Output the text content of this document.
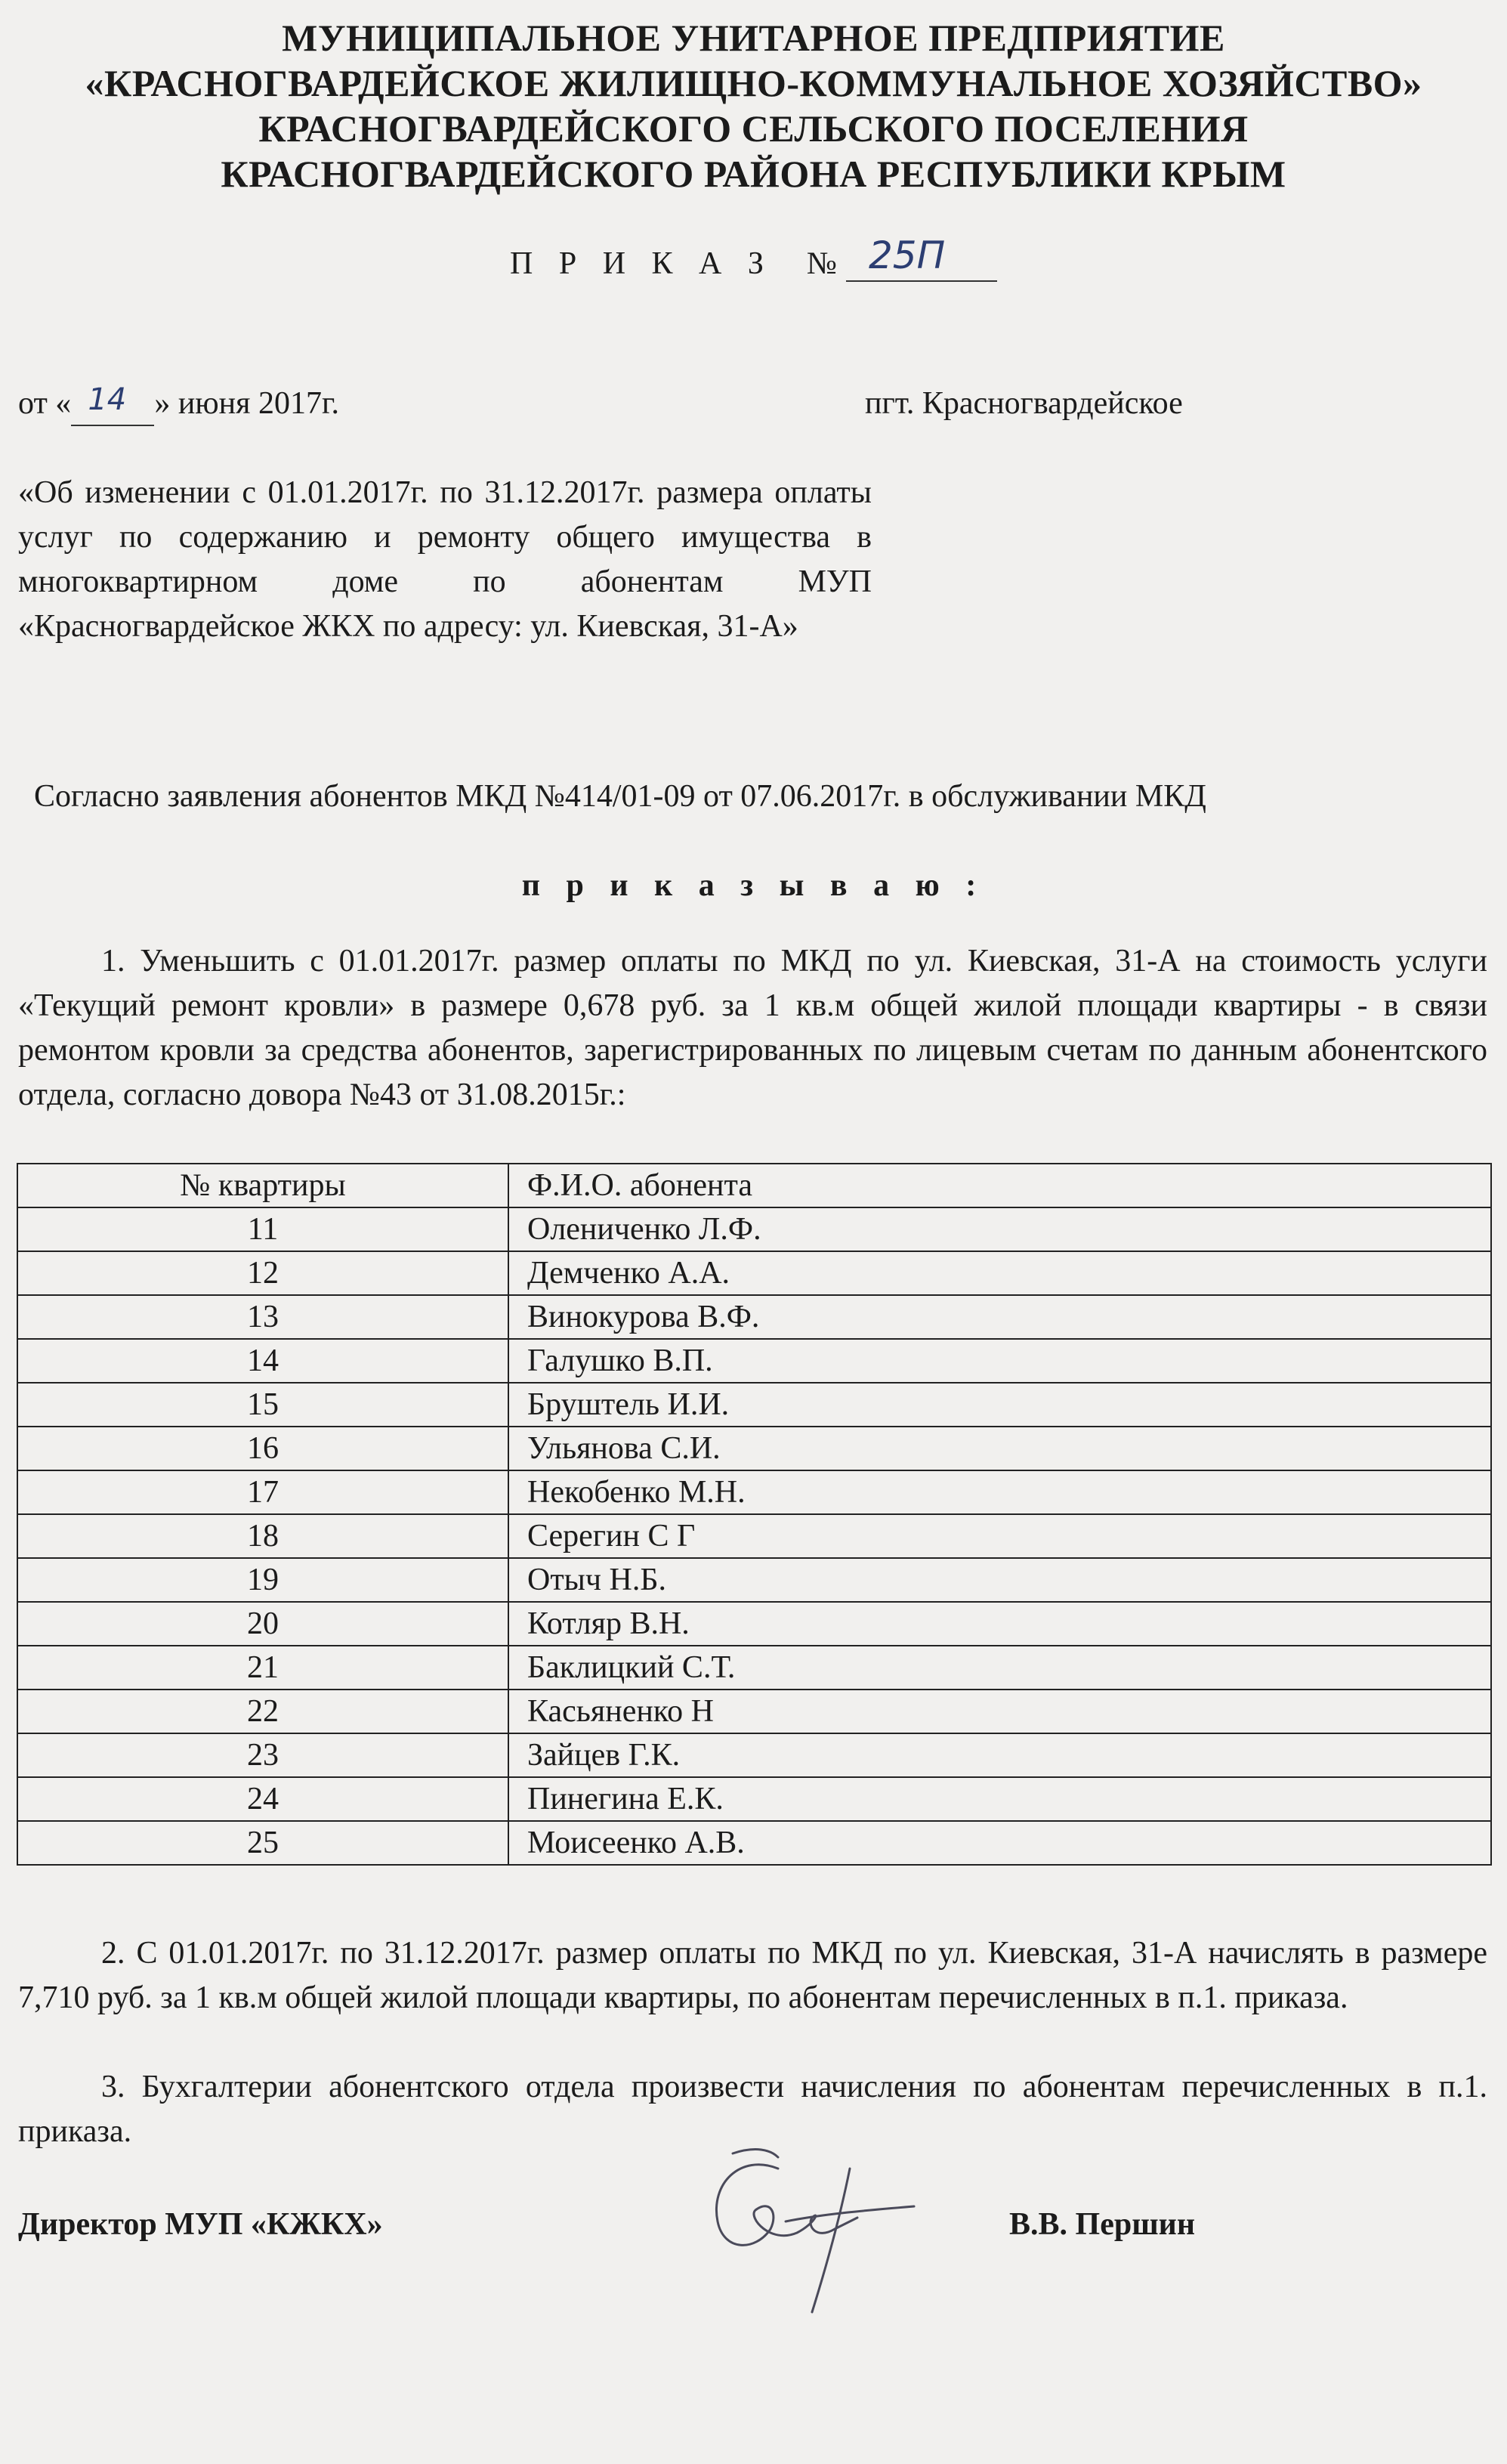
МУНИЦИПАЛЬНОЕ УНИТАРНОЕ ПРЕДПРИЯТИЕ
«КРАСНОГВАРДЕЙСКОЕ ЖИЛИЩНО-КОММУНАЛЬНОЕ ХОЗЯЙСТВО»
КРАСНОГВАРДЕЙСКОГО СЕЛЬСКОГО ПОСЕЛЕНИЯ
КРАСНОГВАРДЕЙСКОГО РАЙОНА РЕСПУБЛИКИ КРЫМ
П Р И К А З № 25П
от « 14 » июня 2017г.	пгт. Красногвардейское
«Об изменении с 01.01.2017г. по 31.12.2017г. размера оплаты услуг по содержанию и ремонту общего имущества в многоквартирном доме по абонентам МУП «Красногвардейское ЖКХ по адресу: ул. Киевская, 31-А»
Согласно заявления абонентов МКД №414/01-09 от 07.06.2017г. в обслуживании МКД
п р и к а з ы в а ю :
1. Уменьшить с 01.01.2017г. размер оплаты по МКД по ул. Киевская, 31-А на стоимость услуги «Текущий ремонт кровли» в размере 0,678 руб. за 1 кв.м общей жилой площади квартиры - в связи ремонтом кровли за средства абонентов, зарегистрированных по лицевым счетам по данным абонентского отдела, согласно довора №43 от 31.08.2015г.:
№ квартиры	Ф.И.О. абонента
11	Олениченко Л.Ф.
12	Демченко А.А.
13	Винокурова В.Ф.
14	Галушко В.П.
15	Бруштель И.И.
16	Ульянова С.И.
17	Некобенко М.Н.
18	Серегин С Г
19	Отыч Н.Б.
20	Котляр В.Н.
21	Баклицкий С.Т.
22	Касьяненко Н
23	Зайцев Г.К.
24	Пинегина Е.К.
25	Моисеенко А.В.
2. С 01.01.2017г. по 31.12.2017г. размер оплаты по МКД по ул. Киевская, 31-А начислять в размере 7,710 руб. за 1 кв.м общей жилой площади квартиры, по абонентам перечисленных в п.1. приказа.
3. Бухгалтерии абонентского отдела произвести начисления по абонентам перечисленных в п.1. приказа.
Директор МУП «КЖКХ»	В.В. Першин
